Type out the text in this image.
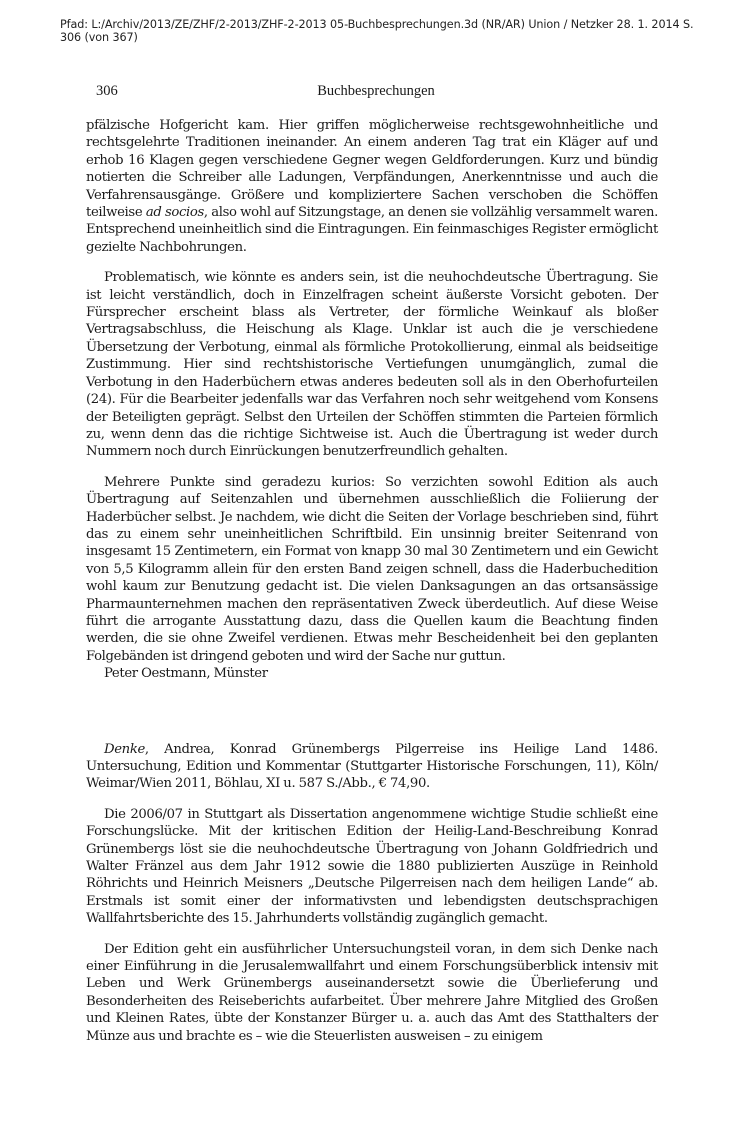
Pfad: L:/Archiv/2013/ZE/ZHF/2-2013/ZHF-2-2013 05-Buchbesprechungen.3d (NR/AR) Union / Netzker 28. 1. 2014 S. 306 (von 367)
306	Buchbesprechungen

pfälzische Hofgericht kam. Hier griffen möglicherweise rechtsgewohnheitliche und rechtsgelehrte Traditionen ineinander. An einem anderen Tag trat ein Kläger auf und erhob 16 Klagen gegen verschiedene Gegner wegen Geldforderungen. Kurz und bündig notierten die Schreiber alle Ladungen, Verpfändungen, Anerkenntnisse und auch die Verfahrensausgänge. Größere und kompliziertere Sachen verschoben die Schöffen teilweise ad socios, also wohl auf Sitzungstage, an denen sie vollzählig versammelt waren. Entsprechend uneinheitlich sind die Eintragungen. Ein feinmaschiges Register ermöglicht gezielte Nachbohrungen.

Problematisch, wie könnte es anders sein, ist die neuhochdeutsche Übertragung. Sie ist leicht verständlich, doch in Einzelfragen scheint äußerste Vorsicht geboten. Der Fürsprecher erscheint blass als Vertreter, der förmliche Weinkauf als bloßer Vertragsabschluss, die Heischung als Klage. Unklar ist auch die je verschiedene Übersetzung der Verbotung, einmal als förmliche Protokollierung, einmal als beidseitige Zustimmung. Hier sind rechtshistorische Vertiefungen unumgänglich, zumal die Verbotung in den Haderbüchern etwas anderes bedeuten soll als in den Oberhofurteilen (24). Für die Bearbeiter jedenfalls war das Verfahren noch sehr weitgehend vom Konsens der Beteiligten geprägt. Selbst den Urteilen der Schöffen stimmten die Parteien förmlich zu, wenn denn das die richtige Sichtweise ist. Auch die Übertragung ist weder durch Nummern noch durch Einrückungen benutzerfreundlich gehalten.

Mehrere Punkte sind geradezu kurios: So verzichten sowohl Edition als auch Übertragung auf Seitenzahlen und übernehmen ausschließlich die Foliierung der Haderbücher selbst. Je nachdem, wie dicht die Seiten der Vorlage beschrieben sind, führt das zu einem sehr uneinheitlichen Schriftbild. Ein unsinnig breiter Seitenrand von insgesamt 15 Zentimetern, ein Format von knapp 30 mal 30 Zentimetern und ein Gewicht von 5,5 Kilogramm allein für den ersten Band zeigen schnell, dass die Haderbuchedition wohl kaum zur Benutzung gedacht ist. Die vielen Danksagungen an das ortsansässige Pharmaunternehmen machen den repräsentativen Zweck überdeutlich. Auf diese Weise führt die arrogante Ausstattung dazu, dass die Quellen kaum die Beachtung finden werden, die sie ohne Zweifel verdienen. Etwas mehr Bescheidenheit bei den geplanten Folgebänden ist dringend geboten und wird der Sache nur guttun.

Peter Oestmann, Münster

Denke, Andrea, Konrad Grünembergs Pilgerreise ins Heilige Land 1486. Untersuchung, Edition und Kommentar (Stuttgarter Historische Forschungen, 11), Köln/ Weimar/Wien 2011, Böhlau, XI u. 587 S./Abb., € 74,90.

Die 2006/07 in Stuttgart als Dissertation angenommene wichtige Studie schließt eine Forschungslücke. Mit der kritischen Edition der Heilig-Land-Beschreibung Konrad Grünembergs löst sie die neuhochdeutsche Übertragung von Johann Goldfriedrich und Walter Fränzel aus dem Jahr 1912 sowie die 1880 publizierten Auszüge in Reinhold Röhrichts und Heinrich Meisners „Deutsche Pilgerreisen nach dem heiligen Lande“ ab. Erstmals ist somit einer der informativsten und lebendigsten deutschsprachigen Wallfahrtsberichte des 15. Jahrhunderts vollständig zugänglich gemacht.

Der Edition geht ein ausführlicher Untersuchungsteil voran, in dem sich Denke nach einer Einführung in die Jerusalemwallfahrt und einem Forschungsüberblick intensiv mit Leben und Werk Grünembergs auseinandersetzt sowie die Überlieferung und Besonderheiten des Reiseberichts aufarbeitet. Über mehrere Jahre Mitglied des Großen und Kleinen Rates, übte der Konstanzer Bürger u. a. auch das Amt des Statthalters der Münze aus und brachte es – wie die Steuerlisten ausweisen – zu einigem
